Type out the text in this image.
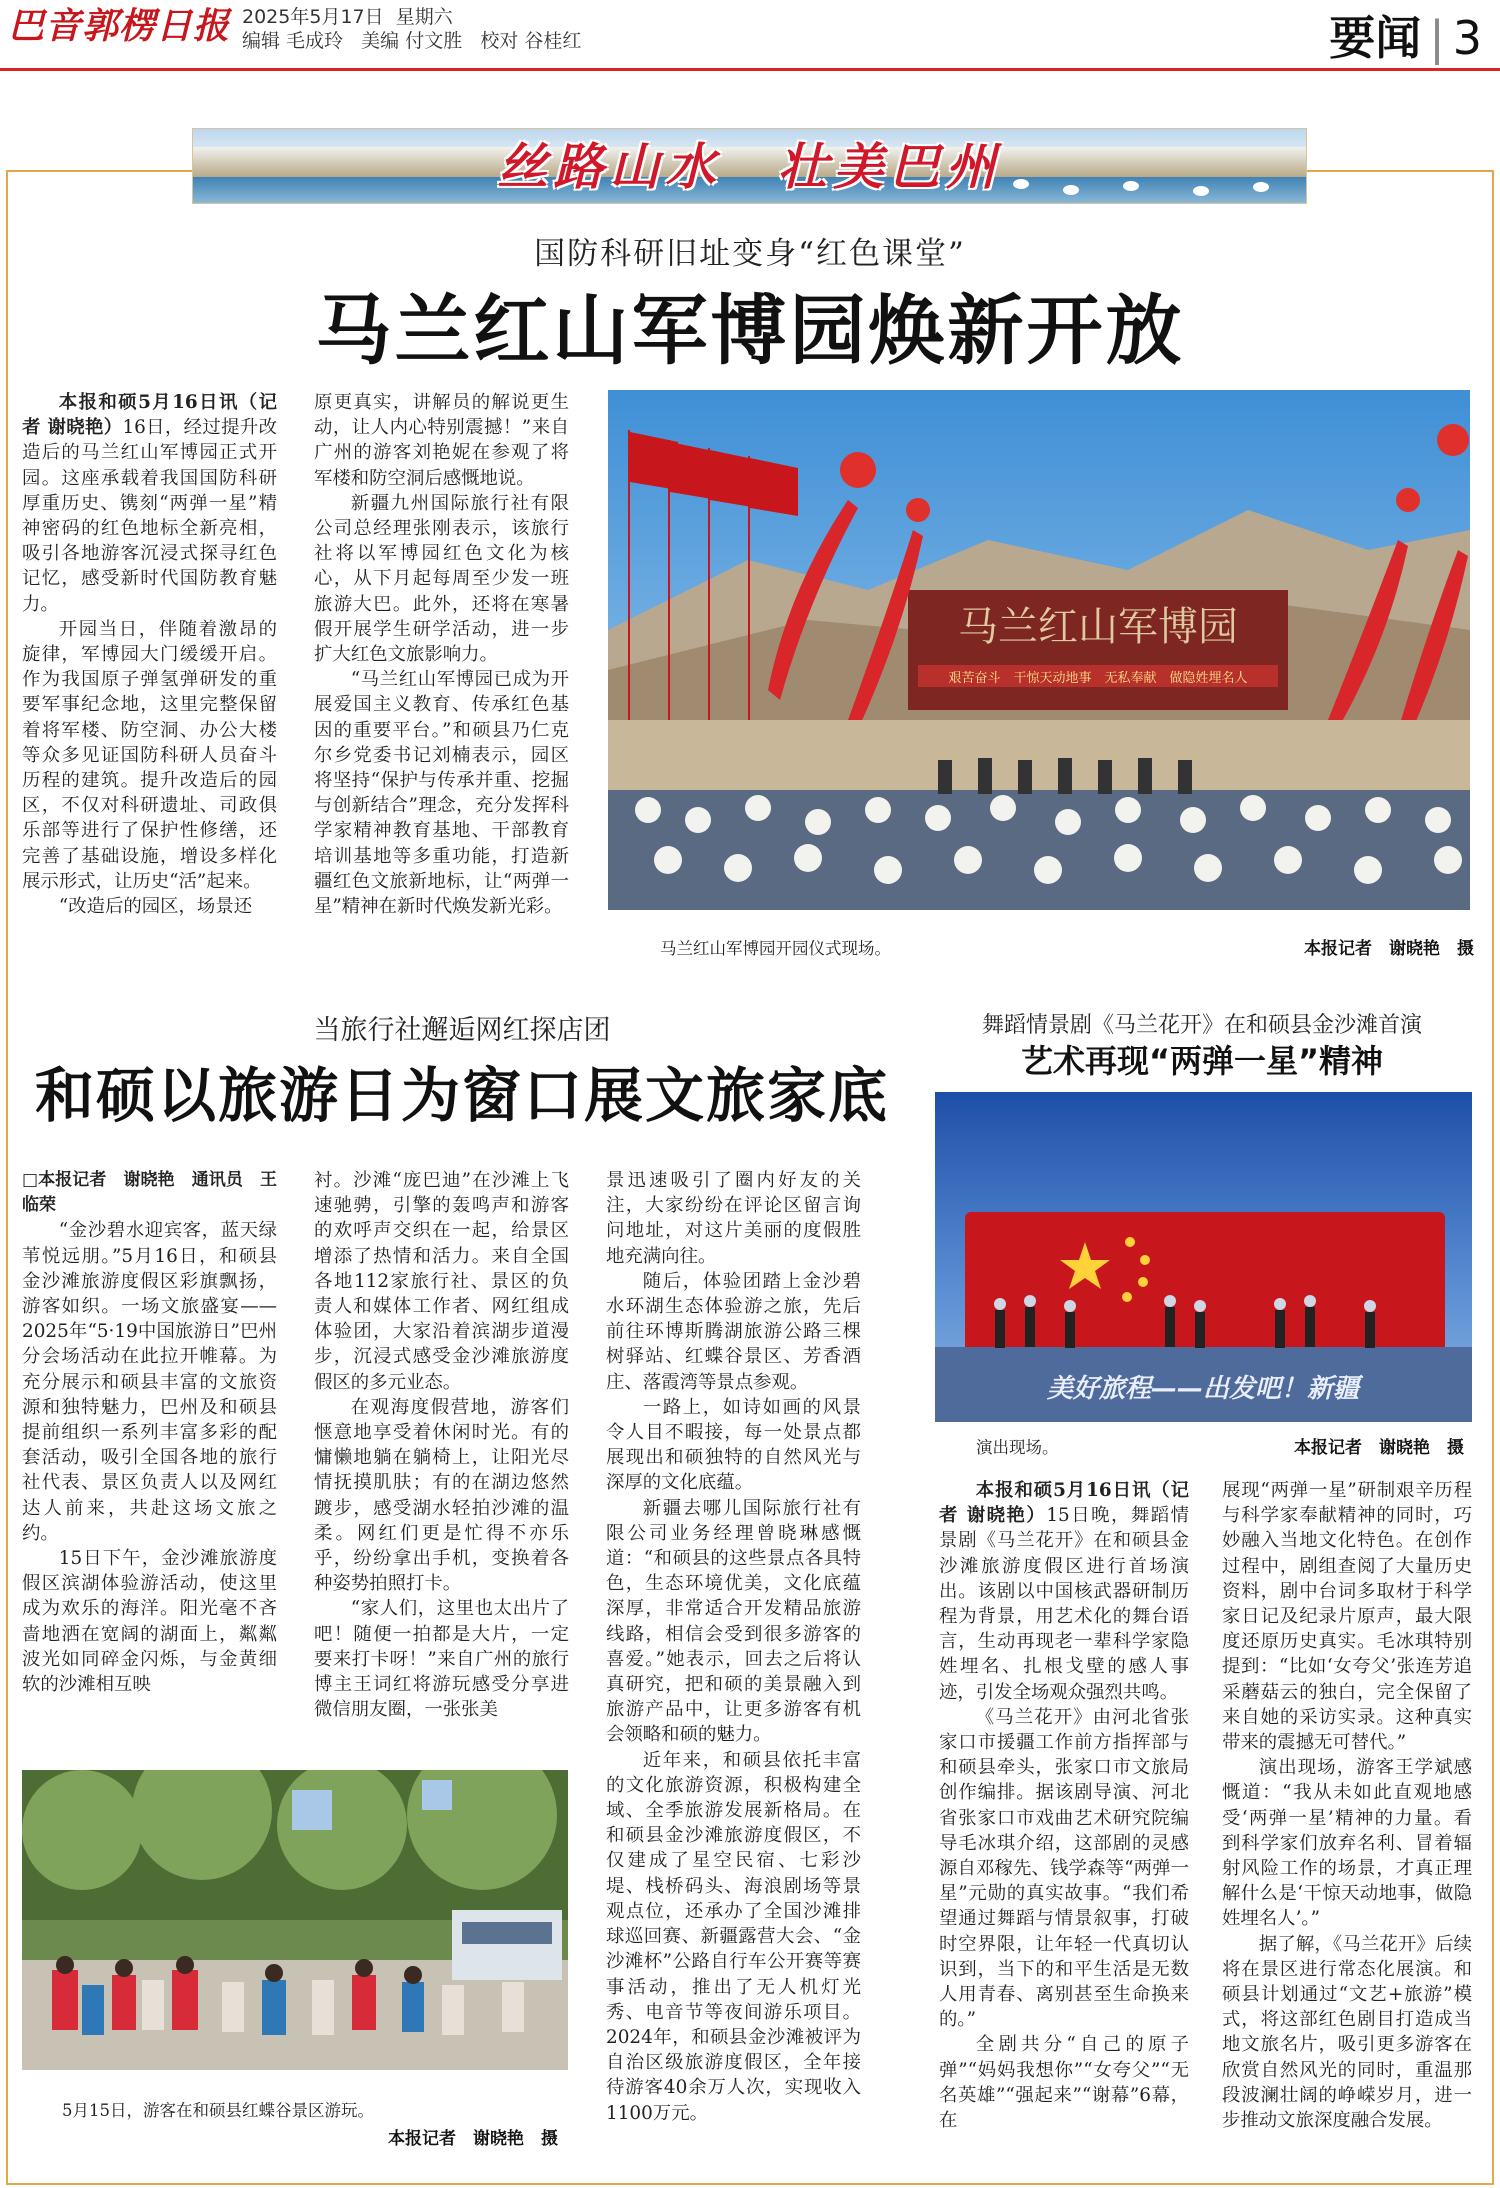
巴音郭楞日报 2025年5月17日 星期六
编辑 毛成玲 美编 付文胜 校对 谷桂红	要闻 | 3
丝路山水　壮美巴州
国防科研旧址变身“红色课堂”
马兰红山军博园焕新开放

本报和硕5月16日讯（记者 谢晓艳）16日，经过提升改造后的马兰红山军博园正式开园。这座承载着我国国防科研厚重历史、镌刻“两弹一星”精神密码的红色地标全新亮相，吸引各地游客沉浸式探寻红色记忆，感受新时代国防教育魅力。

开园当日，伴随着激昂的旋律，军博园大门缓缓开启。作为我国原子弹氢弹研发的重要军事纪念地，这里完整保留着将军楼、防空洞、办公大楼等众多见证国防科研人员奋斗历程的建筑。提升改造后的园区，不仅对科研遗址、司政俱乐部等进行了保护性修缮，还完善了基础设施，增设多样化展示形式，让历史“活”起来。

“改造后的园区，场景还

原更真实，讲解员的解说更生动，让人内心特别震撼！”来自广州的游客刘艳妮在参观了将军楼和防空洞后感慨地说。

新疆九州国际旅行社有限公司总经理张刚表示，该旅行社将以军博园红色文化为核心，从下月起每周至少发一班旅游大巴。此外，还将在寒暑假开展学生研学活动，进一步扩大红色文旅影响力。

“马兰红山军博园已成为开展爱国主义教育、传承红色基因的重要平台。”和硕县乃仁克尔乡党委书记刘楠表示，园区将坚持“保护与传承并重、挖掘与创新结合”理念，充分发挥科学家精神教育基地、干部教育培训基地等多重功能，打造新疆红色文旅新地标，让“两弹一星”精神在新时代焕发新光彩。

马兰红山军博园
艰苦奋斗　干惊天动地事　无私奉献　做隐姓埋名人
马兰红山军博园开园仪式现场。	本报记者　谢晓艳　摄
当旅行社邂逅网红探店团
和硕以旅游日为窗口展文旅家底

□本报记者　谢晓艳　通讯员　王临荣

“金沙碧水迎宾客，蓝天绿苇悦远朋。”5月16日，和硕县金沙滩旅游度假区彩旗飘扬，游客如织。一场文旅盛宴——2025年“5·19中国旅游日”巴州分会场活动在此拉开帷幕。为充分展示和硕县丰富的文旅资源和独特魅力，巴州及和硕县提前组织一系列丰富多彩的配套活动，吸引全国各地的旅行社代表、景区负责人以及网红达人前来，共赴这场文旅之约。

15日下午，金沙滩旅游度假区滨湖体验游活动，使这里成为欢乐的海洋。阳光毫不吝啬地洒在宽阔的湖面上，粼粼波光如同碎金闪烁，与金黄细软的沙滩相互映

衬。沙滩“庞巴迪”在沙滩上飞速驰骋，引擎的轰鸣声和游客的欢呼声交织在一起，给景区增添了热情和活力。来自全国各地112家旅行社、景区的负责人和媒体工作者、网红组成体验团，大家沿着滨湖步道漫步，沉浸式感受金沙滩旅游度假区的多元业态。

在观海度假营地，游客们惬意地享受着休闲时光。有的慵懒地躺在躺椅上，让阳光尽情抚摸肌肤；有的在湖边悠然踱步，感受湖水轻拍沙滩的温柔。网红们更是忙得不亦乐乎，纷纷拿出手机，变换着各种姿势拍照打卡。

“家人们，这里也太出片了吧！随便一拍都是大片，一定要来打卡呀！”来自广州的旅行博主王词红将游玩感受分享进微信朋友圈，一张张美

景迅速吸引了圈内好友的关注，大家纷纷在评论区留言询问地址，对这片美丽的度假胜地充满向往。

随后，体验团踏上金沙碧水环湖生态体验游之旅，先后前往环博斯腾湖旅游公路三棵树驿站、红蝶谷景区、芳香酒庄、落霞湾等景点参观。

一路上，如诗如画的风景令人目不暇接，每一处景点都展现出和硕独特的自然风光与深厚的文化底蕴。

新疆去哪儿国际旅行社有限公司业务经理曾晓琳感慨道：“和硕县的这些景点各具特色，生态环境优美，文化底蕴深厚，非常适合开发精品旅游线路，相信会受到很多游客的喜爱。”她表示，回去之后将认真研究，把和硕的美景融入到旅游产品中，让更多游客有机会领略和硕的魅力。

近年来，和硕县依托丰富的文化旅游资源，积极构建全域、全季旅游发展新格局。在和硕县金沙滩旅游度假区，不仅建成了星空民宿、七彩沙堤、栈桥码头、海浪剧场等景观点位，还承办了全国沙滩排球巡回赛、新疆露营大会、“金沙滩杯”公路自行车公开赛等赛事活动，推出了无人机灯光秀、电音节等夜间游乐项目。2024年，和硕县金沙滩被评为自治区级旅游度假区，全年接待游客40余万人次，实现收入1100万元。

5月15日，游客在和硕县红蝶谷景区游玩。
本报记者　谢晓艳　摄
舞蹈情景剧《马兰花开》在和硕县金沙滩首演
艺术再现“两弹一星”精神
美好旅程——出发吧！新疆
演出现场。	本报记者　谢晓艳　摄

本报和硕5月16日讯（记者 谢晓艳）15日晚，舞蹈情景剧《马兰花开》在和硕县金沙滩旅游度假区进行首场演出。该剧以中国核武器研制历程为背景，用艺术化的舞台语言，生动再现老一辈科学家隐姓埋名、扎根戈壁的感人事迹，引发全场观众强烈共鸣。

《马兰花开》由河北省张家口市援疆工作前方指挥部与和硕县牵头，张家口市文旅局创作编排。据该剧导演、河北省张家口市戏曲艺术研究院编导毛冰琪介绍，这部剧的灵感源自邓稼先、钱学森等“两弹一星”元勋的真实故事。“我们希望通过舞蹈与情景叙事，打破时空界限，让年轻一代真切认识到，当下的和平生活是无数人用青春、离别甚至生命换来的。”

全剧共分“自己的原子弹”“妈妈我想你”“女夸父”“无名英雄”“强起来”“谢幕”6幕，在

展现“两弹一星”研制艰辛历程与科学家奉献精神的同时，巧妙融入当地文化特色。在创作过程中，剧组查阅了大量历史资料，剧中台词多取材于科学家日记及纪录片原声，最大限度还原历史真实。毛冰琪特别提到：“比如‘女夸父’张连芳追采蘑菇云的独白，完全保留了来自她的采访实录。这种真实带来的震撼无可替代。”

演出现场，游客王学斌感慨道：“我从未如此直观地感受‘两弹一星’精神的力量。看到科学家们放弃名利、冒着辐射风险工作的场景，才真正理解什么是‘干惊天动地事，做隐姓埋名人’。”

据了解，《马兰花开》后续将在景区进行常态化展演。和硕县计划通过“文艺+旅游”模式，将这部红色剧目打造成当地文旅名片，吸引更多游客在欣赏自然风光的同时，重温那段波澜壮阔的峥嵘岁月，进一步推动文旅深度融合发展。
